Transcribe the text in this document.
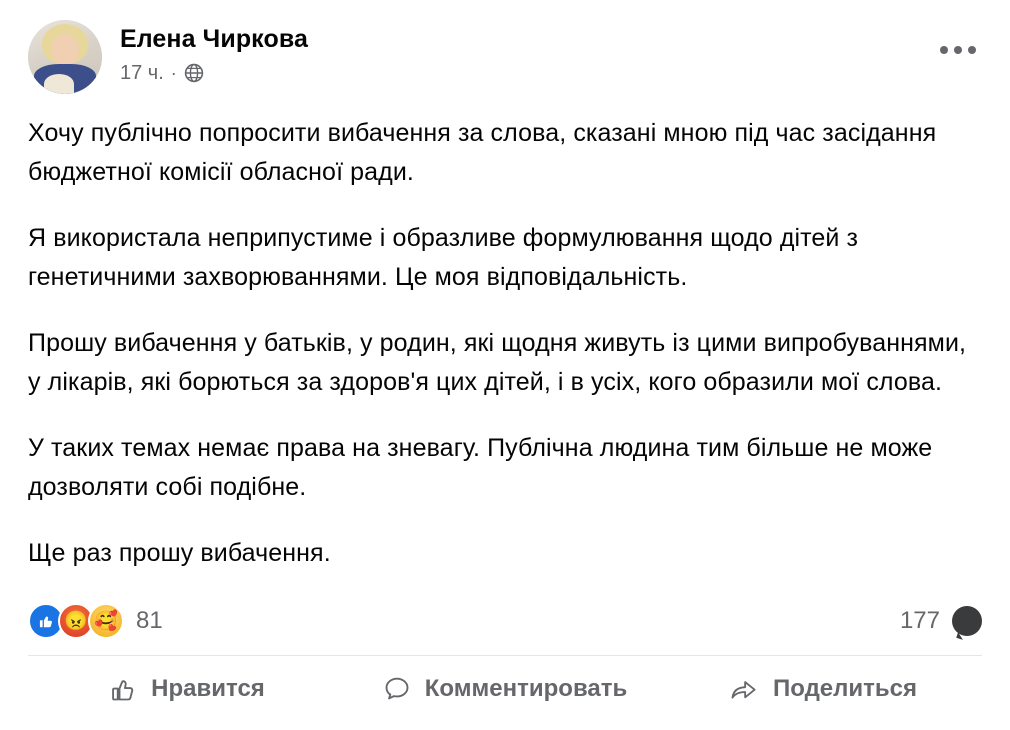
Елена Чиркова
17 ч. ·

Хочу публічно попросити вибачення за слова, сказані мною під час засідання бюджетної комісії обласної ради.

Я використала неприпустиме і образливе формулювання щодо дітей з генетичними захворюваннями. Це моя відповідальність.

Прошу вибачення у батьків, у родин, які щодня живуть із цими випробуваннями, у лікарів, які борються за здоров'я цих дітей, і в усіх, кого образили мої слова.

У таких темах немає права на зневагу. Публічна людина тим більше не може дозволяти собі подібне.

Ще раз прошу вибачення.

😠 🥰 81	177
Нравится	Комментировать	Поделиться
